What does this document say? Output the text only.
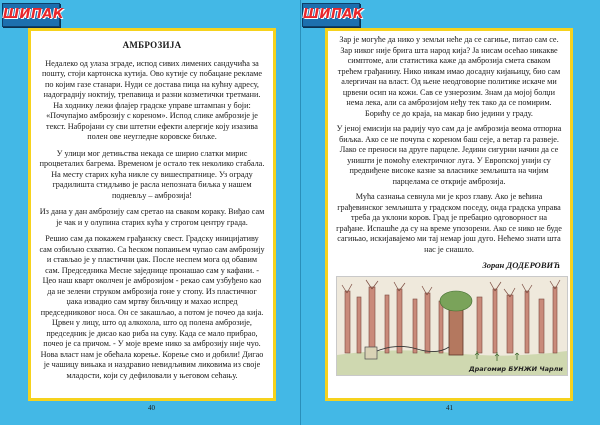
ШИПАК	ШИПАК
АМБРОЗИЈА

Недалеко од улаза зграде, испод сивих лимених сандучића за пошту, стоји картонска кутија. Ово кутије су побацане рекламе по којим газе станари. Нуди се достава пица на кућну адресу, надограднју ноктију, трепавица и разни козметички третмани. На ходнику лежи флајер градске управе штампан у боји: «Почупајмо амброзију с кореном». Испод слике амброзије је текст. Набројани су сви штетни ефекти алергије коју изазива полен ове неугледне коровске биљке.

У улици мог детињства некада се ширио слатки мирис процветалих багрема. Временом је остало тек неколико стабала. На месту старих кућа никле су вишеспратнице. Уз ограду градилишта стидљиво је расла непозната биљка у нашем подневљу – амброзија!

Из дана у дан амброзију сам сретао на сваком кораку. Виђао сам је чак и у олупина старих кућа у строгом центру града.

Решио сам да покажем грађанску свест. Градску иницијативу сам озбиљно схватио. Са ћеском попаињем чупао сам амброзију и стављао је у пластични џак. После неспем мога од обавим сам. Председника Месне заједнице пронашао сам у кафани. - Цео наш кварт околчен је амброзијом - рекао сам узбуђено као да не зелени струком амброзија гоне у стопу. Из пластичног џака извадио сам мртву биљчицу и махао испред председниковог носа. Он се закашљао, а потом је почео да кија. Црвен у лицу, што од алкохола, што од полена амброзије, председник је дисао као риба на суву. Када се мало прибрао, почео је са причом. - У моје време нико за амброзију није чуо. Нова власт нам је обећала корење. Корење смо и добили! Дигао је чашицу вињака и наздравио невидљивим ликовима из своје младости, који су дефиловали у његовом сећању.

Зар је могуће да нико у земљи неће да се сагиње, питао сам се. Зар никог није брига шта народ кија? Ја нисам осећао никакве симптоме, али статистика каже да амброзија смета сваком трећем грађанину. Нико никам имао досадну кијањицу, био сам алергичан на власт. Од њене неодговорне политике искаче ми црвени осип на кожи. Сав се узнерозим. Знам да мојој болџи нема лека, али са амброзијом неђу тек тако да се помирим. Борићу се до краја, на макар био једини у граду.

У јеној емисији на радију чуо сам да је амброзија веома отпорна биљка. Ако се не почупа с кореном баш сеје, а ветар га развеје. Лако се преноси на друге парцеле. Једини сигурни начин да се уништи је помоћу електричног луга. У Европској унији су предвиђене високе казне за власнике земљишта на чијим парцелама се открије амброзија.

Мућа сазнања севнула ми је кроз главу. Ако је већина грађевинског земљишта у градском поседу, онда градска управа треба да уклони коров. Град је пребацио одговорност на грађане. Испашће да су на време упозорени. Ако се нико не буде сагињао, искијавајемо ми тај немар још дуго. Нећемо знати шта нас је снашло.

Зоран ДОДЕРОВИЋ
Драгомир БУНЖИ Чарли
40	41
